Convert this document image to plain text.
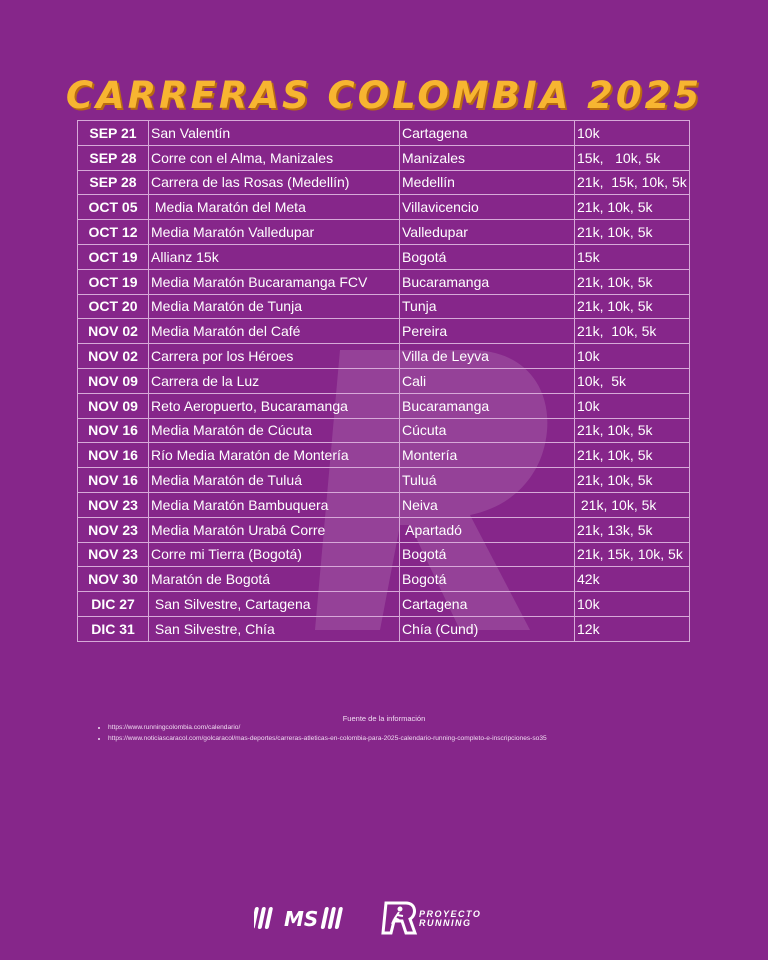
CARRERAS COLOMBIA 2025
SEP 21	San Valentín	Cartagena	10k
SEP 28	Corre con el Alma, Manizales	Manizales	15k,   10k, 5k
SEP 28	Carrera de las Rosas (Medellín)	Medellín	21k,  15k, 10k, 5k
OCT 05	Media Maratón del Meta	Villavicencio	21k, 10k, 5k
OCT 12	Media Maratón Valledupar	Valledupar	21k, 10k, 5k
OCT 19	Allianz 15k	Bogotá	15k
OCT 19	Media Maratón Bucaramanga FCV	Bucaramanga	21k, 10k, 5k
OCT 20	Media Maratón de Tunja	Tunja	21k, 10k, 5k
NOV 02	Media Maratón del Café	Pereira	21k,  10k, 5k
NOV 02	Carrera por los Héroes	Villa de Leyva	10k
NOV 09	Carrera de la Luz	Cali	10k,  5k
NOV 09	Reto Aeropuerto, Bucaramanga	Bucaramanga	10k
NOV 16	Media Maratón de Cúcuta	Cúcuta	21k, 10k, 5k
NOV 16	Río Media Maratón de Montería	Montería	21k, 10k, 5k
NOV 16	Media Maratón de Tuluá	Tuluá	21k, 10k, 5k
NOV 23	Media Maratón Bambuquera	Neiva	21k, 10k, 5k
NOV 23	Media Maratón Urabá Corre	Apartadó	21k, 13k, 5k
NOV 23	Corre mi Tierra (Bogotá)	Bogotá	21k, 15k, 10k, 5k
NOV 30	Maratón de Bogotá	Bogotá	42k
DIC 27	San Silvestre, Cartagena	Cartagena	10k
DIC 31	San Silvestre, Chía	Chía (Cund)	12k
Fuente de la información
• https://www.runningcolombia.com/calendario/
• https://www.noticiascaracol.com/golcaracol/mas-deportes/carreras-atleticas-en-colombia-para-2025-calendario-running-completo-e-inscripciones-so35
MS	PROYECTO
RUNNING
